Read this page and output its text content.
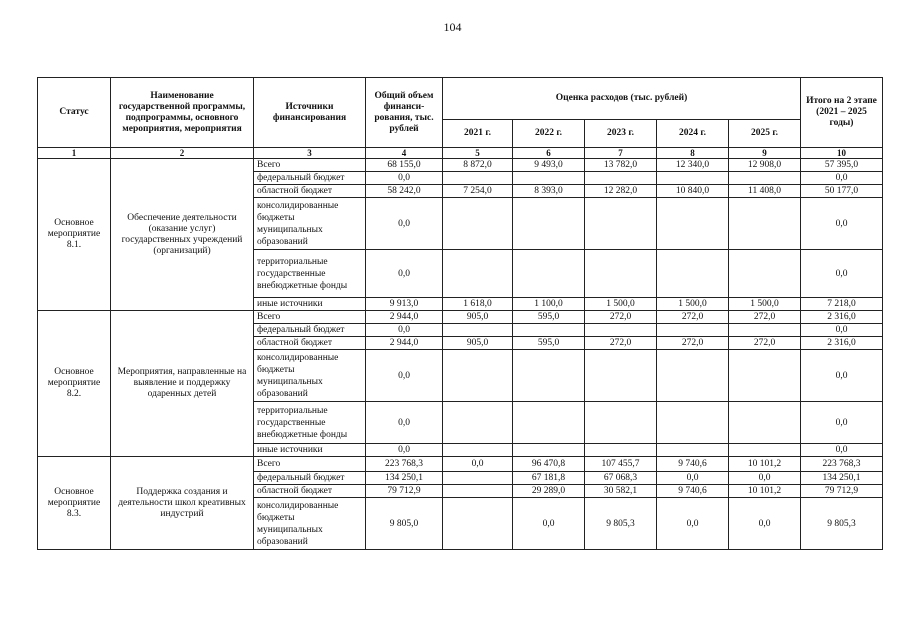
104
Статус	Наименование государственной программы, подпрограммы, основного мероприятия, мероприятия	Источники финансирования	Общий объем финанси-рования, тыс. рублей	Оценка расходов (тыс. рублей)					Итого на 2 этапе (2021 – 2025 годы)
				2021 г.	2022 г.	2023 г.	2024 г.	2025 г.	
1	2	3	4	5	6	7	8	9	10
Основное мероприятие 8.1.	Обеспечение деятельности (оказание услуг) государственных учреждений (организаций)	Всего	68 155,0	8 872,0	9 493,0	13 782,0	12 340,0	12 908,0	57 395,0
		федеральный бюджет	0,0						0,0
		областной бюджет	58 242,0	7 254,0	8 393,0	12 282,0	10 840,0	11 408,0	50 177,0
		консолидированные бюджеты муниципальных образований	0,0						0,0
		территориальные государственные внебюджетные фонды	0,0						0,0
		иные источники	9 913,0	1 618,0	1 100,0	1 500,0	1 500,0	1 500,0	7 218,0
Основное мероприятие 8.2.	Мероприятия, направленные на выявление и поддержку одаренных детей	Всего	2 944,0	905,0	595,0	272,0	272,0	272,0	2 316,0
		федеральный бюджет	0,0						0,0
		областной бюджет	2 944,0	905,0	595,0	272,0	272,0	272,0	2 316,0
		консолидированные бюджеты муниципальных образований	0,0						0,0
		территориальные государственные внебюджетные фонды	0,0						0,0
		иные источники	0,0						0,0
Основное мероприятие 8.3.	Поддержка создания и деятельности школ креативных индустрий	Всего	223 768,3	0,0	96 470,8	107 455,7	9 740,6	10 101,2	223 768,3
		федеральный бюджет	134 250,1		67 181,8	67 068,3	0,0	0,0	134 250,1
		областной бюджет	79 712,9		29 289,0	30 582,1	9 740,6	10 101,2	79 712,9
		консолидированные бюджеты муниципальных образований	9 805,0		0,0	9 805,3	0,0	0,0	9 805,3
